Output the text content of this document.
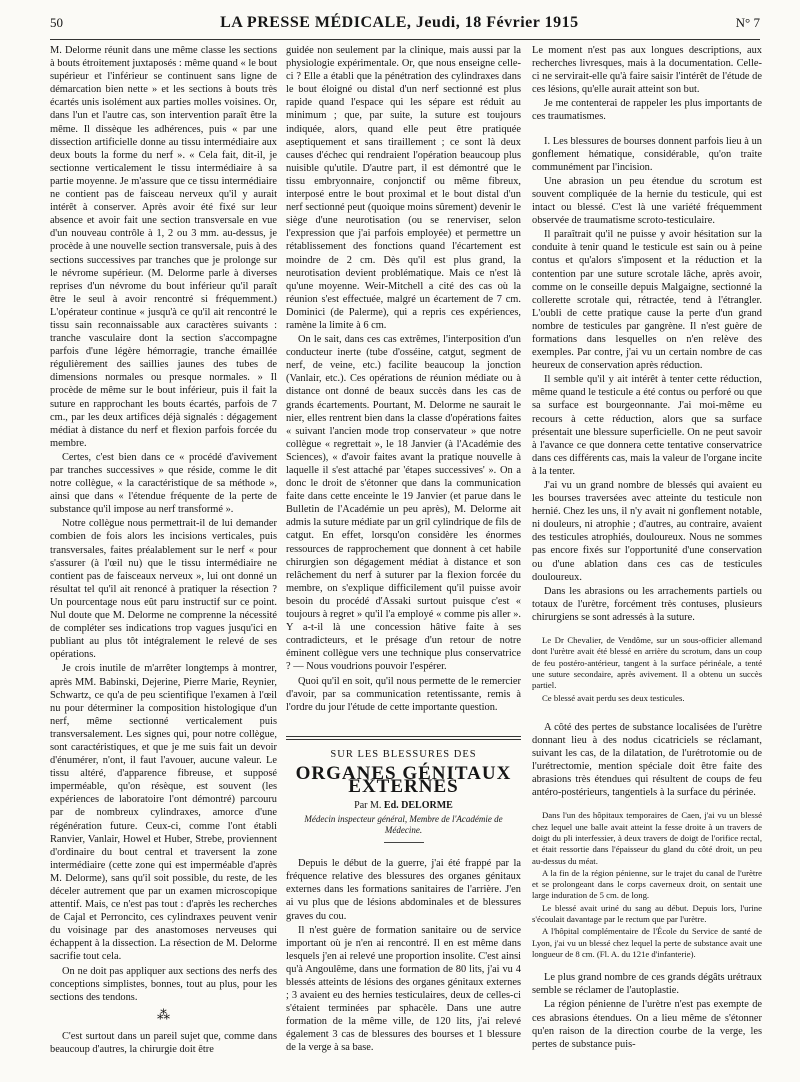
50	LA PRESSE MÉDICALE, Jeudi, 18 Février 1915	N° 7

M. Delorme réunit dans une même classe les sections à bouts étroitement juxtaposés : même quand « le bout supérieur et l'inférieur se continuent sans ligne de démarcation bien nette » et les sections à bouts très écartés unis isolément aux parties molles voisines. Or, dans l'un et l'autre cas, son intervention paraît être la même. Il dissèque les adhérences, puis « par une dissection artificielle donne au tissu intermédiaire aux deux bouts la forme du nerf ». « Cela fait, dit-il, je sectionne verticalement le tissu intermédiaire à sa partie moyenne. Je m'assure que ce tissu intermédiaire ne contient pas de faisceau nerveux qu'il y aurait intérêt à conserver. Après avoir été fixé sur leur absence et avoir fait une section transversale en vue d'un nouveau contrôle à 1, 2 ou 3 mm. au-dessus, je procède à une nouvelle section transversale, puis à des sections successives par tranches que je prolonge sur le névrome supérieur. (M. Delorme parle à diverses reprises d'un névrome du bout inférieur qu'il paraît être le seul à avoir rencontré si fréquemment.) L'opérateur continue « jusqu'à ce qu'il ait rencontré le tissu sain reconnaissable aux caractères suivants : tranche vasculaire dont la section s'accompagne parfois d'une légère hémorragie, tranche émaillée régulièrement des saillies jaunes des tubes de dimensions normales ou presque normales. » Il procède de même sur le bout inférieur, puis il fait la suture en rapprochant les bouts écartés, parfois de 7 cm., par les deux artifices déjà signalés : dégagement médiat à distance du nerf et flexion parfois forcée du membre.

Certes, c'est bien dans ce « procédé d'avivement par tranches successives » que réside, comme le dit notre collègue, « la caractéristique de sa méthode », ainsi que dans « l'étendue fréquente de la perte de substance qu'il impose au nerf transformé ».

Notre collègue nous permettrait-il de lui demander combien de fois alors les incisions verticales, puis transversales, faites préalablement sur le nerf « pour s'assurer (à l'œil nu) que le tissu intermédiaire ne contient pas de faisceaux nerveux », lui ont donné un résultat tel qu'il ait renoncé à pratiquer la résection ? Un pourcentage nous eût paru instructif sur ce point. Nul doute que M. Delorme ne comprenne la nécessité de compléter ses indications trop vagues jusqu'ici en publiant au plus tôt intégralement le relevé de ses opérations.

Je crois inutile de m'arrêter longtemps à montrer, après MM. Babinski, Dejerine, Pierre Marie, Reynier, Schwartz, ce qu'a de peu scientifique l'examen à l'œil nu pour déterminer la composition histologique d'un nerf, même sectionné verticalement puis transversalement. Les signes qui, pour notre collègue, sont caractéristiques, et que je me suis fait un devoir d'énumérer, n'ont, il faut l'avouer, aucune valeur. Le tissu altéré, d'apparence fibreuse, et supposé imperméable, qu'on résèque, est souvent (les expériences de laboratoire l'ont démontré) parcouru par de nombreux cylindraxes, amorce d'une régénération future. Ceux-ci, comme l'ont établi Ranvier, Vanlair, Howel et Huber, Strebe, proviennent d'ordinaire du bout central et traversent la zone intermédiaire (cette zone qui est imperméable d'après M. Delorme), sans qu'il soit possible, du reste, de les déceler autrement que par un examen microscopique attentif. Mais, ce n'est pas tout : d'après les recherches de Cajal et Perroncito, ces cylindraxes peuvent venir du voisinage par des anastomoses nerveuses qui échappent à la dissection. La résection de M. Delorme sacrifie tout cela.

On ne doit pas appliquer aux sections des nerfs des conceptions simplistes, bonnes, tout au plus, pour les sections des tendons.

⁂

C'est surtout dans un pareil sujet que, comme dans beaucoup d'autres, la chirurgie doit être

guidée non seulement par la clinique, mais aussi par la physiologie expérimentale. Or, que nous enseigne celle-ci ? Elle a établi que la pénétration des cylindraxes dans le bout éloigné ou distal d'un nerf sectionné est plus rapide quand l'espace qui les sépare est réduit au minimum ; que, par suite, la suture est toujours indiquée, alors, quand elle peut être pratiquée aseptiquement et sans tiraillement ; ce sont là deux causes d'échec qui rendraient l'opération beaucoup plus nuisible qu'utile. D'autre part, il est démontré que le tissu embryonnaire, conjonctif ou même fibreux, interposé entre le bout proximal et le bout distal d'un nerf sectionné peut (quoique moins sûrement) devenir le siège d'une neurotisation (ou se renerviser, selon l'expression que j'ai parfois employée) et permettre un rétablissement des fonctions quand l'écartement est moindre de 2 cm. Dès qu'il est plus grand, la neurotisation devient problématique. Mais ce n'est là qu'une moyenne. Weir-Mitchell a cité des cas où la réunion s'est effectuée, malgré un écartement de 7 cm. Dominici (de Palerme), qui a repris ces expériences, ramène la limite à 6 cm.

On le sait, dans ces cas extrêmes, l'interposition d'un conducteur inerte (tube d'osséine, catgut, segment de nerf, de veine, etc.) facilite beaucoup la jonction (Vanlair, etc.). Ces opérations de réunion médiate ou à distance ont donné de beaux succès dans les cas de grands écartements. Pourtant, M. Delorme ne saurait le nier, elles rentrent bien dans la classe d'opérations faites « suivant l'ancien mode trop conservateur » que notre collègue « regrettait », le 18 Janvier (à l'Académie des Sciences), « d'avoir faites avant la pratique nouvelle à laquelle il s'est attaché par 'étapes successives' ». On a donc le droit de s'étonner que dans la communication faite dans cette enceinte le 19 Janvier (et parue dans le Bulletin de l'Académie un peu après), M. Delorme ait admis la suture médiate par un gril cylindrique de fils de catgut. En effet, lorsqu'on considère les énormes ressources de rapprochement que donnent à cet habile chirurgien son dégagement médiat à distance et son relâchement du nerf à suturer par la flexion forcée du membre, on s'explique difficilement qu'il puisse avoir besoin du procédé d'Assaki surtout puisque c'est « toujours à regret » qu'il l'a employé « comme pis aller ». Y a-t-il là une concession hâtive faite à ses contradicteurs, et le présage d'un retour de notre éminent collègue vers une technique plus conservatrice ? — Nous voudrions pouvoir l'espérer.

Quoi qu'il en soit, qu'il nous permette de le remercier d'avoir, par sa communication retentissante, remis à l'ordre du jour l'étude de cette importante question.

SUR LES BLESSURES DES
ORGANES GÉNITAUX EXTERNES
Par M. Ed. DELORME
Médecin inspecteur général, Membre de l'Académie de Médecine.

Depuis le début de la guerre, j'ai été frappé par la fréquence relative des blessures des organes génitaux externes dans les formations sanitaires de l'arrière. J'en ai vu plus que de lésions abdominales et de blessures graves du cou.

Il n'est guère de formation sanitaire ou de service important où je n'en ai rencontré. Il en est même dans lesquels j'en ai relevé une proportion insolite. C'est ainsi qu'à Angoulême, dans une formation de 80 lits, j'ai vu 4 blessés atteints de lésions des organes génitaux externes ; 3 avaient eu des hernies testiculaires, deux de celles-ci s'étaient terminées par sphacèle. Dans une autre formation de la même ville, de 120 lits, j'ai relevé également 3 cas de blessures des bourses et 1 blessure de la verge à sa base.

Le moment n'est pas aux longues descriptions, aux recherches livresques, mais à la documentation. Celle-ci ne servirait-elle qu'à faire saisir l'intérêt de l'étude de ces lésions, qu'elle aurait atteint son but.

Je me contenterai de rappeler les plus importants de ces traumatismes.

I. Les blessures de bourses donnent parfois lieu à un gonflement hématique, considérable, qu'on traite communément par l'incision.

Une abrasion un peu étendue du scrotum est souvent compliquée de la hernie du testicule, qui est intact ou blessé. C'est là une variété fréquemment observée de traumatisme scroto-testiculaire.

Il paraîtrait qu'il ne puisse y avoir hésitation sur la conduite à tenir quand le testicule est sain ou à peine contus et qu'alors s'imposent et la réduction et la contention par une suture scrotale lâche, après avoir, comme on le conseille depuis Malgaigne, sectionné la collerette scrotale qui, rétractée, tend à l'étrangler. L'oubli de cette pratique cause la perte d'un grand nombre de testicules par gangrène. Il n'est guère de formations dans lesquelles on n'en relève des exemples. Par contre, j'ai vu un certain nombre de cas heureux de conservation après réduction.

Il semble qu'il y ait intérêt à tenter cette réduction, même quand le testicule a été contus ou perforé ou que sa surface est bourgeonnante. J'ai moi-même eu recours à cette réduction, alors que sa surface présentait une blessure superficielle. On ne peut savoir à l'avance ce que donnera cette tentative conservatrice dans ces différents cas, mais la valeur de l'organe incite à la tenter.

J'ai vu un grand nombre de blessés qui avaient eu les bourses traversées avec atteinte du testicule non hernié. Chez les uns, il n'y avait ni gonflement notable, ni douleurs, ni atrophie ; d'autres, au contraire, avaient des testicules atrophiés, douloureux. Nous ne sommes pas encore fixés sur l'opportunité d'une conservation ou d'une ablation dans ces cas de testicules douloureux.

Dans les abrasions ou les arrachements partiels ou totaux de l'urètre, forcément très contuses, plusieurs chirurgiens se sont adressés à la suture.

Le Dr Chevalier, de Vendôme, sur un sous-officier allemand dont l'urètre avait été blessé en arrière du scrotum, dans un coup de feu postéro-antérieur, tangent à la surface périnéale, a tenté une suture secondaire, après avivement. Il a obtenu un succès partiel.

Ce blessé avait perdu ses deux testicules.

A côté des pertes de substance localisées de l'urètre donnant lieu à des nodus cicatriciels se réclamant, suivant les cas, de la dilatation, de l'urétrotomie ou de l'urétrectomie, mention spéciale doit être faite des abrasions très étendues qui résultent de coups de feu antéro-postérieurs, tangentiels à la surface du périnée.

Dans l'un des hôpitaux temporaires de Caen, j'ai vu un blessé chez lequel une balle avait atteint la fesse droite à un travers de doigt du pli interfessier, à deux travers de doigt de l'orifice rectal, et était ressortie dans l'épaisseur du gland du côté droit, un peu au-dessus du méat.

A la fin de la région pénienne, sur le trajet du canal de l'urètre et se prolongeant dans le corps caverneux droit, on sentait une large induration de 5 cm. de long.

Le blessé avait uriné du sang au début. Depuis lors, l'urine s'écoulait davantage par le rectum que par l'urètre.

A l'hôpital complémentaire de l'École du Service de santé de Lyon, j'ai vu un blessé chez lequel la perte de substance avait une longueur de 8 cm. (Fl. A. du 121e d'infanterie).

Le plus grand nombre de ces grands dégâts urétraux semble se réclamer de l'autoplastie.

La région pénienne de l'urètre n'est pas exempte de ces abrasions étendues. On a lieu même de s'étonner qu'en raison de la direction courbe de la verge, les pertes de substance puis-
